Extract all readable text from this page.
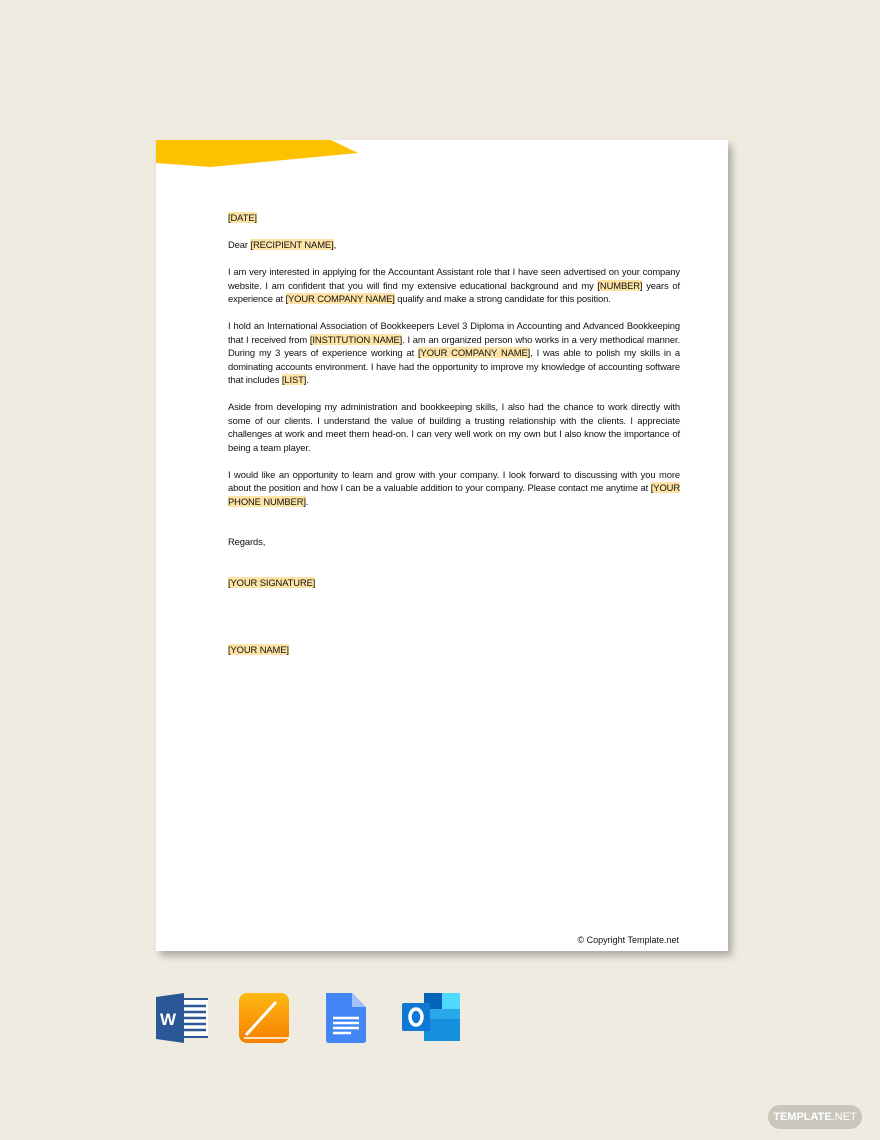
[DATE]

Dear [RECIPIENT NAME],

I am very interested in applying for the Accountant Assistant role that I have seen advertised on your company website. I am confident that you will find my extensive educational background and my [NUMBER] years of experience at [YOUR COMPANY NAME] qualify and make a strong candidate for this position.

I hold an International Association of Bookkeepers Level 3 Diploma in Accounting and Advanced Bookkeeping that I received from [INSTITUTION NAME]. I am an organized person who works in a very methodical manner. During my 3 years of experience working at [YOUR COMPANY NAME], I was able to polish my skills in a dominating accounts environment. I have had the opportunity to improve my knowledge of accounting software that includes [LIST].

Aside from developing my administration and bookkeeping skills, I also had the chance to work directly with some of our clients. I understand the value of building a trusting relationship with the clients. I appreciate challenges at work and meet them head-on. I can very well work on my own but I also know the importance of being a team player.

I would like an opportunity to learn and grow with your company. I look forward to discussing with you more about the position and how I can be a valuable addition to your company. Please contact me anytime at [YOUR PHONE NUMBER].

Regards,

[YOUR SIGNATURE]

[YOUR NAME]

© Copyright Template.net
W
TEMPLATE.NET
